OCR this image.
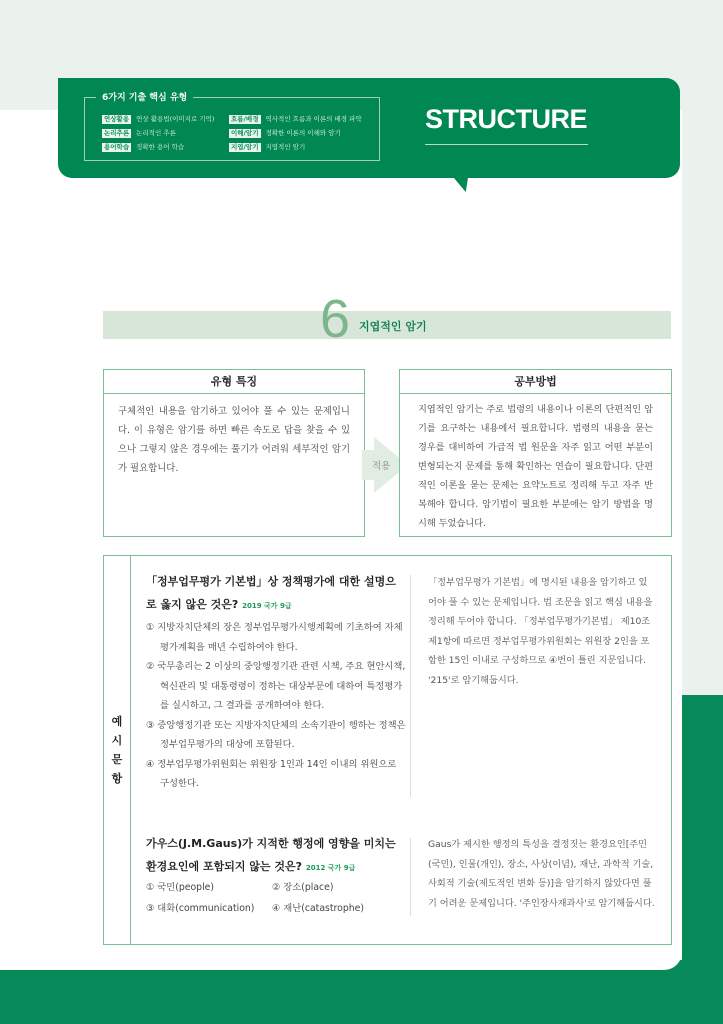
6가지 기출 핵심 유형
연상활용 연상 활용법(이미지로 기억)
논리추론 논리적인 추론
용어학습 정확한 용어 학습
흐름/배경 역사적인 흐름과 이론의 배경 파악
이해/암기 정확한 이론의 이해와 암기
지엽/암기 지엽적인 암기
STRUCTURE
6 지엽적인 암기
유형 특징
구체적인 내용을 암기하고 있어야 풀 수 있는 문제입니다. 이 유형은 암기를 하면 빠른 속도로 답을 찾을 수 있으나 그렇지 않은 경우에는 풀기가 어려워 세부적인 암기가 필요합니다.	적용
공부방법
지엽적인 암기는 주로 법령의 내용이나 이론의 단편적인 암기를 요구하는 내용에서 필요합니다. 법령의 내용을 묻는 경우를 대비하여 가급적 법 원문을 자주 읽고 어떤 부분이 변형되는지 문제를 통해 확인하는 연습이 필요합니다. 단편적인 이론을 묻는 문제는 요약노트로 정리해 두고 자주 반복해야 합니다. 암기법이 필요한 부분에는 암기 방법을 명시해 두었습니다.
예시문항
「정부업무평가 기본법」상 정책평가에 대한 설명으로 옳지 않은 것은? 2019 국가 9급
① 지방자치단체의 장은 정부업무평가시행계획에 기초하여 자체평가계획을 매년 수립하여야 한다.
② 국무총리는 2 이상의 중앙행정기관 관련 시책, 주요 현안시책, 혁신관리 및 대통령령이 정하는 대상부문에 대하여 특정평가를 실시하고, 그 결과를 공개하여야 한다.
③ 중앙행정기관 또는 지방자치단체의 소속기관이 행하는 정책은 정부업무평가의 대상에 포함된다.
④ 정부업무평가위원회는 위원장 1인과 14인 이내의 위원으로 구성한다.
「정부업무평가 기본법」에 명시된 내용을 암기하고 있어야 풀 수 있는 문제입니다. 법 조문을 읽고 핵심 내용을 정리해 두어야 합니다. 「정부업무평가기본법」 제10조 제1항에 따르면 정부업무평가위원회는 위원장 2인을 포함한 15인 이내로 구성하므로 ④번이 틀린 지문입니다. '215'로 암기해둡시다.
가우스(J.M.Gaus)가 지적한 행정에 영향을 미치는 환경요인에 포함되지 않는 것은? 2012 국가 9급
① 국민(people)	② 장소(place)
③ 대화(communication)	④ 재난(catastrophe)
Gaus가 제시한 행정의 특성을 결정짓는 환경요인[주민(국민), 인물(개인), 장소, 사상(이념), 재난, 과학적 기술, 사회적 기술(제도적인 변화 등)]을 암기하지 않았다면 풀기 어려운 문제입니다. '주인장사재과사'로 암기해둡시다.
